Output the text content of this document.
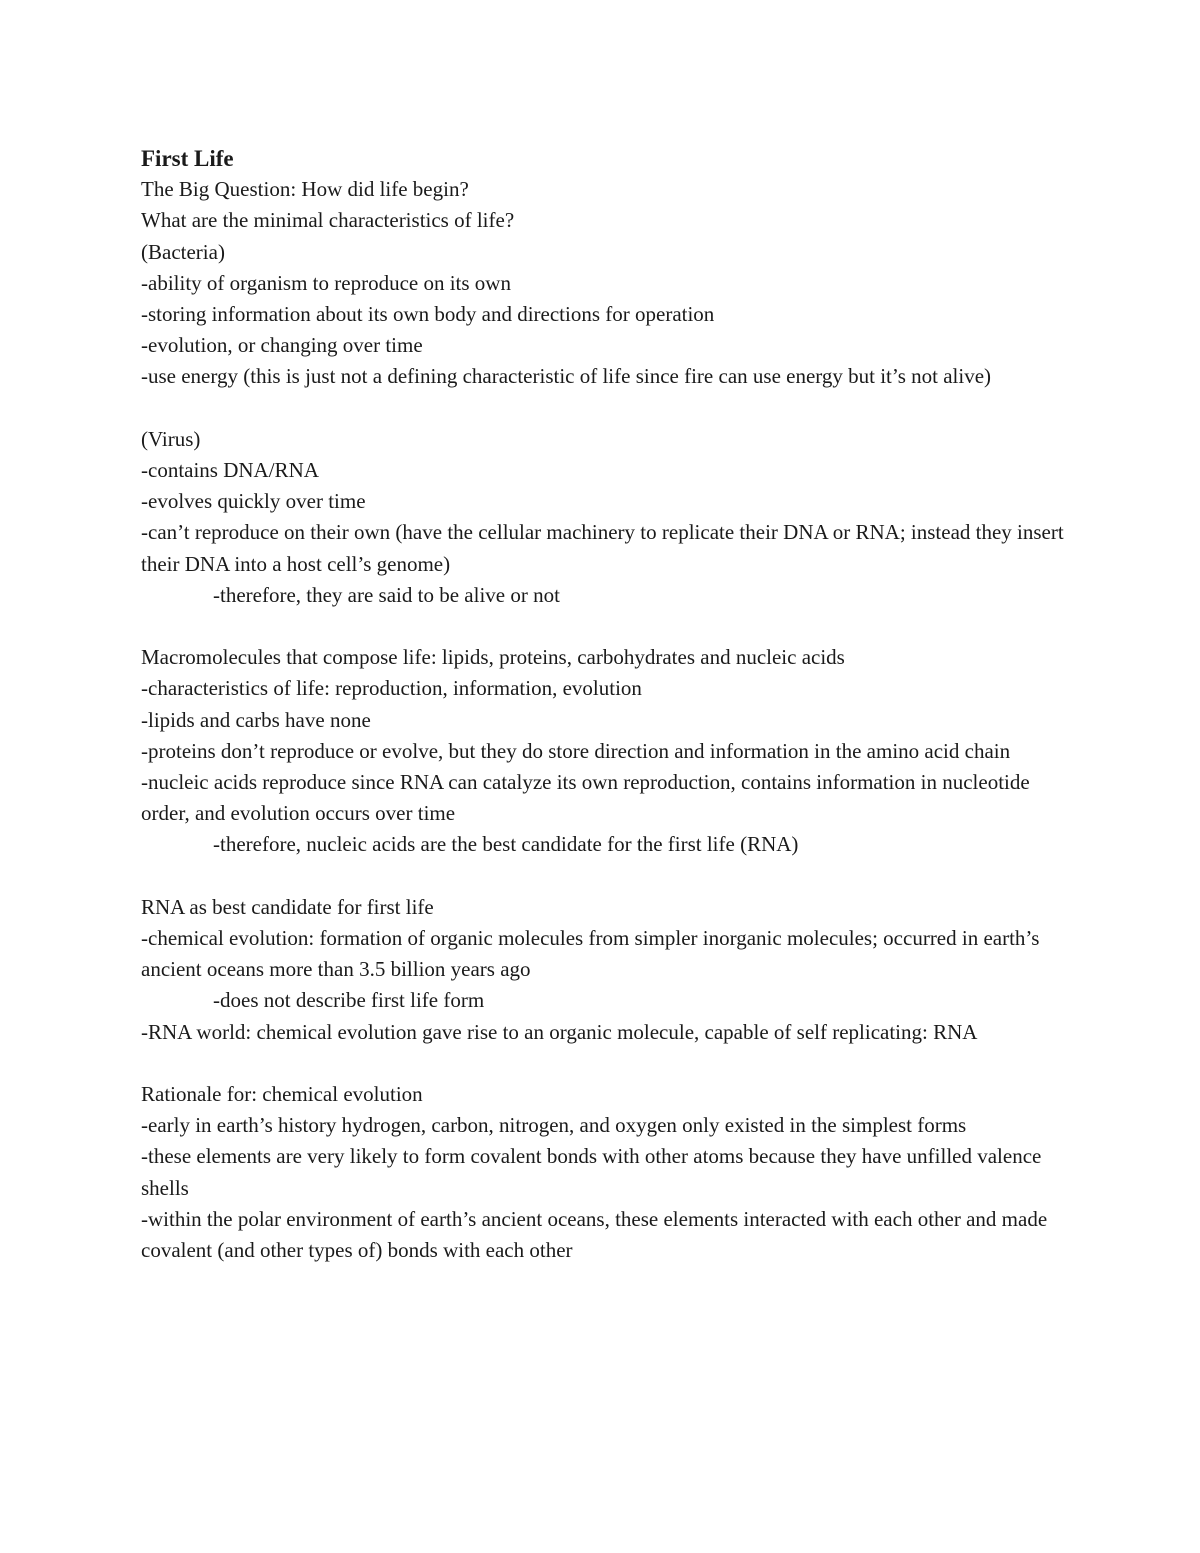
First Life

The Big Question: How did life begin?

What are the minimal characteristics of life?

(Bacteria)

-ability of organism to reproduce on its own

-storing information about its own body and directions for operation

-evolution, or changing over time

-use energy (this is just not a defining characteristic of life since fire can use energy but it’s not alive)

(Virus)

-contains DNA/RNA

-evolves quickly over time

-can’t reproduce on their own (have the cellular machinery to replicate their DNA or RNA; instead they insert their DNA into a host cell’s genome)

-therefore, they are said to be alive or not

Macromolecules that compose life: lipids, proteins, carbohydrates and nucleic acids

-characteristics of life: reproduction, information, evolution

-lipids and carbs have none

-proteins don’t reproduce or evolve, but they do store direction and information in the amino acid chain

-nucleic acids reproduce since RNA can catalyze its own reproduction, contains information in nucleotide order, and evolution occurs over time

-therefore, nucleic acids are the best candidate for the first life (RNA)

RNA as best candidate for first life

-chemical evolution: formation of organic molecules from simpler inorganic molecules; occurred in earth’s ancient oceans more than 3.5 billion years ago

-does not describe first life form

-RNA world: chemical evolution gave rise to an organic molecule, capable of self replicating: RNA

Rationale for: chemical evolution

-early in earth’s history hydrogen, carbon, nitrogen, and oxygen only existed in the simplest forms

-these elements are very likely to form covalent bonds with other atoms because they have unfilled valence shells

-within the polar environment of earth’s ancient oceans, these elements interacted with each other and made covalent (and other types of) bonds with each other
